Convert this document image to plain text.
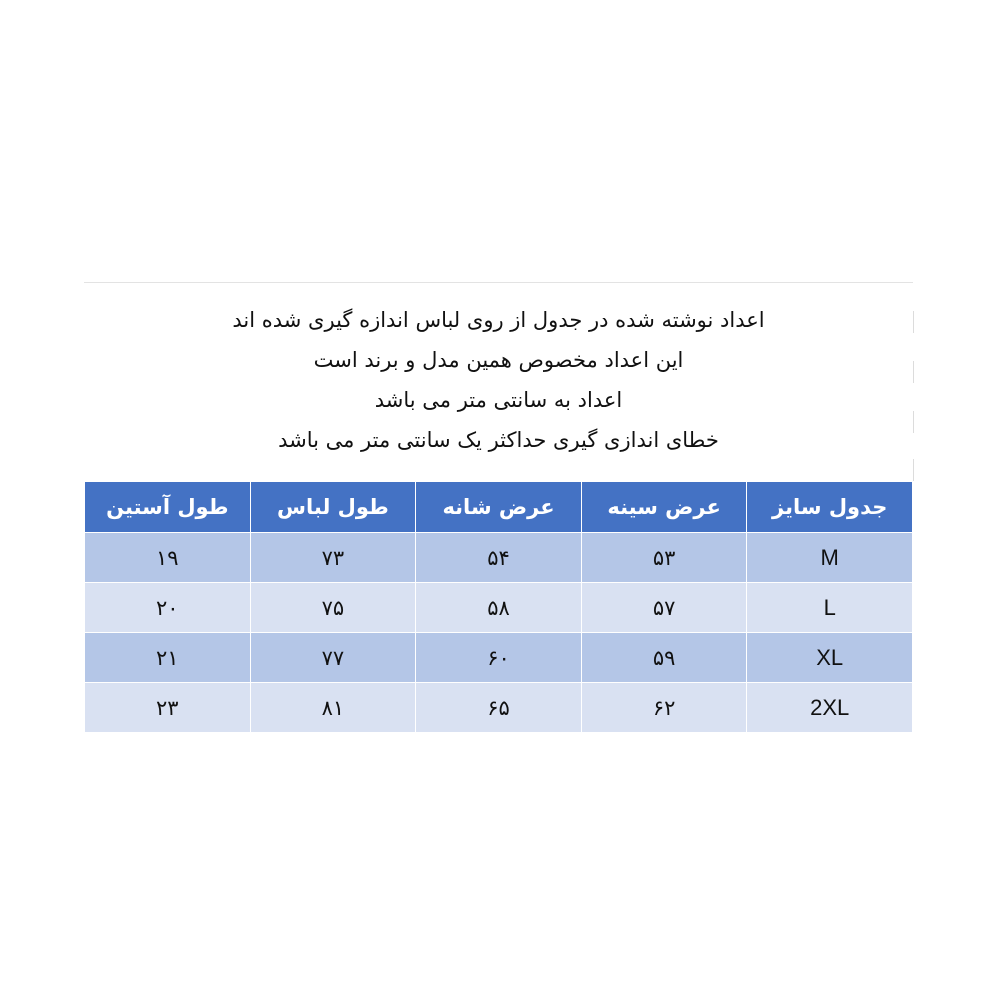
اعداد نوشته شده در جدول از روی لباس اندازه گیری شده اند
این اعداد مخصوص همین مدل و برند است
اعداد به سانتی متر می باشد
خطای اندازی گیری حداکثر یک سانتی متر می باشد
جدول سایز	عرض سینه	عرض شانه	طول لباس	طول آستین
M	۵۳	۵۴	۷۳	۱۹
L	۵۷	۵۸	۷۵	۲۰
XL	۵۹	۶۰	۷۷	۲۱
2XL	۶۲	۶۵	۸۱	۲۳
